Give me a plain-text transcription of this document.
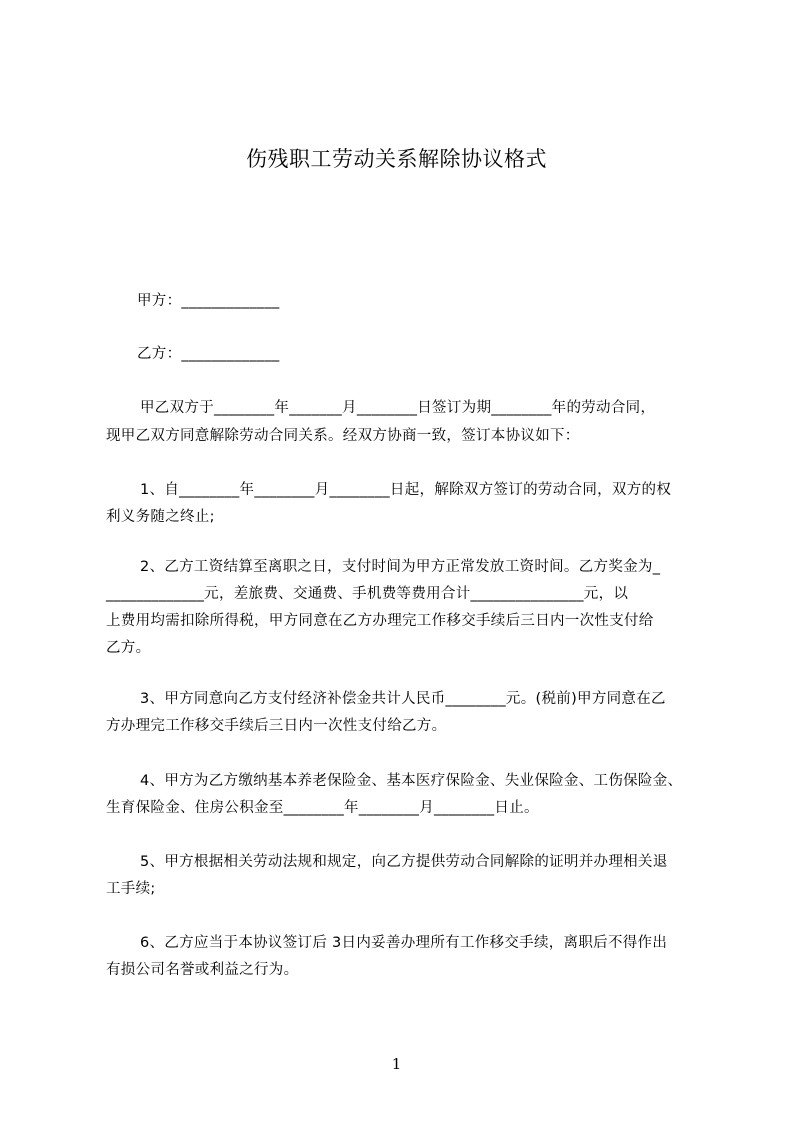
伤残职工劳动关系解除协议格式
甲方：_____________
乙方：_____________
甲乙双方于________年_______月________日签订为期________年的劳动合同，
现甲乙双方同意解除劳动合同关系。经双方协商一致，签订本协议如下：
1、自________年________月________日起，解除双方签订的劳动合同，双方的权
利义务随之终止;
2、乙方工资结算至离职之日，支付时间为甲方正常发放工资时间。乙方奖金为_
_____________元，差旅费、交通费、手机费等费用合计_______________元，以
上费用均需扣除所得税，甲方同意在乙方办理完工作移交手续后三日内一次性支付给
乙方。
3、甲方同意向乙方支付经济补偿金共计人民币________元。(税前)甲方同意在乙
方办理完工作移交手续后三日内一次性支付给乙方。
4、甲方为乙方缴纳基本养老保险金、基本医疗保险金、失业保险金、工伤保险金、
生育保险金、住房公积金至________年________月________日止。
5、甲方根据相关劳动法规和规定，向乙方提供劳动合同解除的证明并办理相关退
工手续;
6、乙方应当于本协议签订后 3日内妥善办理所有工作移交手续，离职后不得作出
有损公司名誉或利益之行为。
1
